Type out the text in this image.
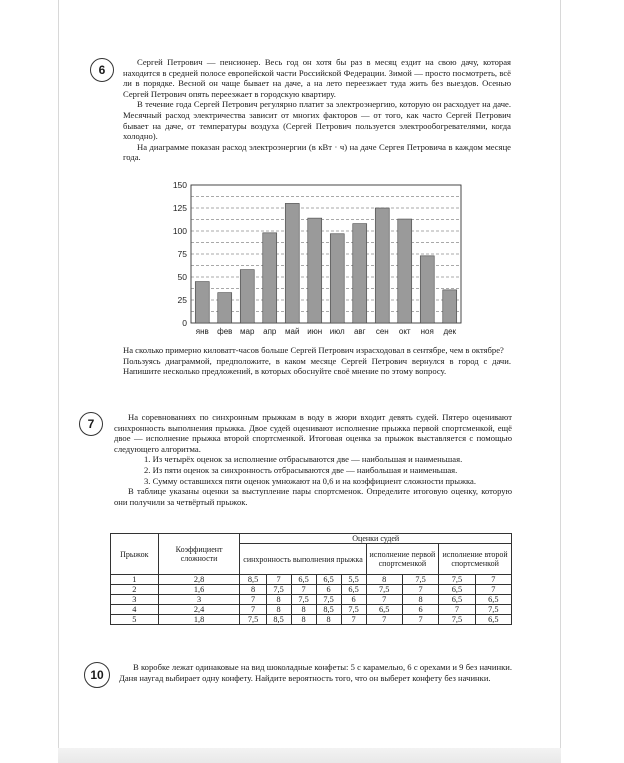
6

Сергей Петрович — пенсионер. Весь год он хотя бы раз в месяц ездит на свою дачу, которая находится в средней полосе европейской части Российской Федерации. Зимой — просто посмотреть, всё ли в порядке. Весной он чаще бывает на даче, а на лето переезжает туда жить без выездов. Осенью Сергей Петрович опять переезжает в городскую квартиру.

В течение года Сергей Петрович регулярно платит за электроэнергию, которую он расходует на даче. Месячный расход электричества зависит от многих факторов — от того, как часто Сергей Петрович бывает на даче, от температуры воздуха (Сергей Петрович пользуется электрообогревателями, когда холодно).

На диаграмме показан расход электроэнергии (в кВт · ч) на даче Сергея Петровича в каждом месяце года.

0
25
50
75
100
125
150
янв фев мар апр май июн июл авг сен окт ноя дек

На сколько примерно киловатт-часов больше Сергей Петрович израсходовал в сентябре, чем в октябре?

Пользуясь диаграммой, предположите, в каком месяце Сергей Петрович вернулся в город с дачи. Напишите несколько предложений, в которых обоснуйте своё мнение по этому вопросу.

7	На соревнованиях по синхронным прыжкам в воду в жюри входит девять судей. Пятеро оценивают синхронность выполнения прыжка. Двое судей оценивают исполнение прыжка первой спортсменкой, ещё двое — исполнение прыжка второй спортсменкой. Итоговая оценка за прыжок выставляется с помощью следующего алгоритма.

1. Из четырёх оценок за исполнение отбрасываются две — наибольшая и наименьшая.

2. Из пяти оценок за синхронность отбрасываются две — наибольшая и наименьшая.

3. Сумму оставшихся пяти оценок умножают на 0,6 и на коэффициент сложности прыжка.

В таблице указаны оценки за выступление пары спортсменок. Определите итоговую оценку, которую они получили за четвёртый прыжок.

Прыжок	Коэффициент сложности	Оценки судей								
		синхронность выполнения прыжка					исполнение первой спортсменкой		исполнение второй спортсменкой	
1	2,8	8,5	7	6,5	6,5	5,5	8	7,5	7,5	7
2	1,6	8	7,5	7	6	6,5	7,5	7	6,5	7
3	3	7	8	7,5	7,5	6	7	8	6,5	6,5
4	2,4	7	8	8	8,5	7,5	6,5	6	7	7,5
5	1,8	7,5	8,5	8	8	7	7	7	7,5	6,5
10

В коробке лежат одинаковые на вид шоколадные конфеты: 5 с карамелью, 6 с орехами и 9 без начинки. Даня наугад выбирает одну конфету. Найдите вероятность того, что он выберет конфету без начинки.
